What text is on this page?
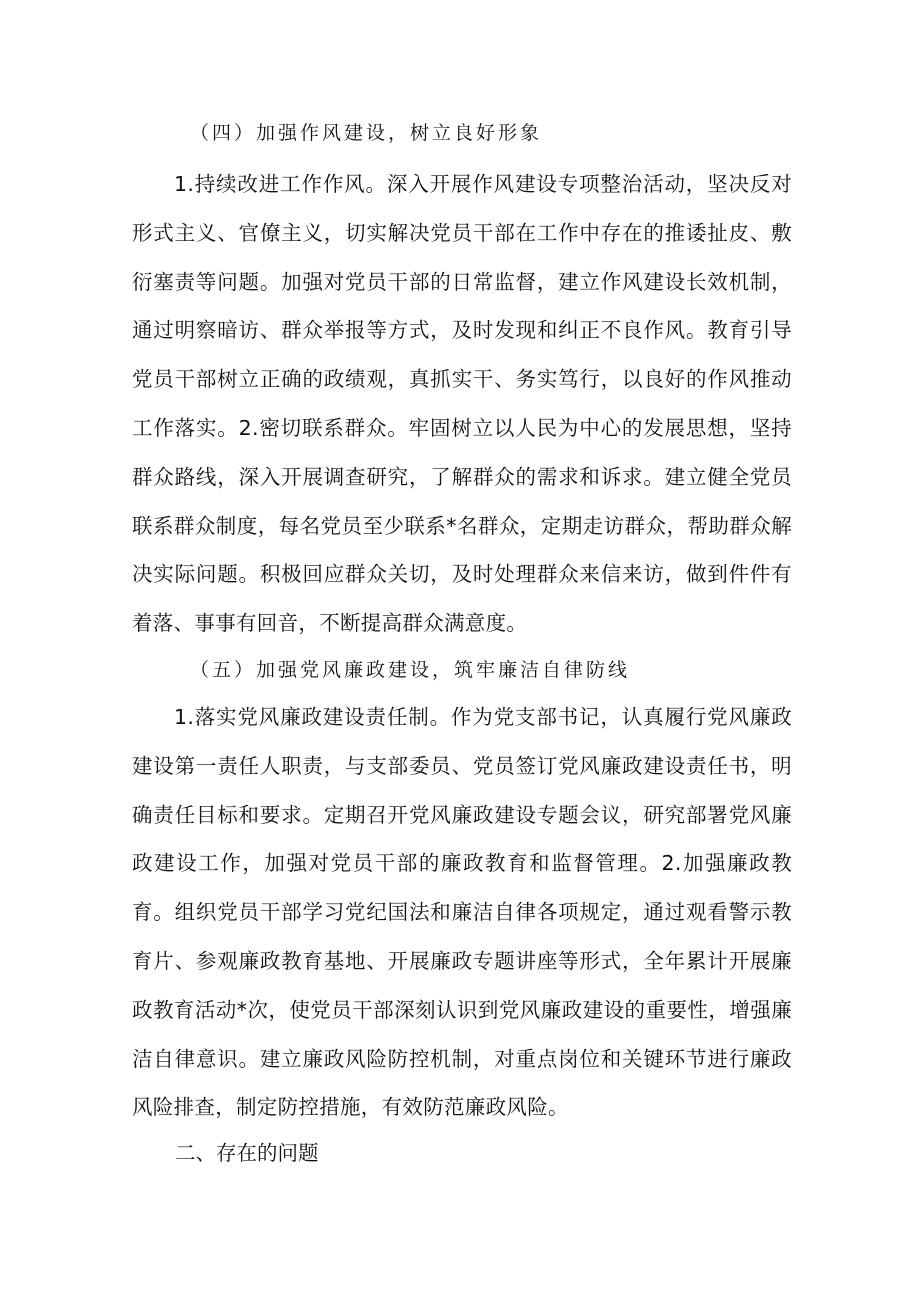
（四）加强作风建设，树立良好形象

1.持续改进工作作风。深入开展作风建设专项整治活动，坚决反对形式主义、官僚主义，切实解决党员干部在工作中存在的推诿扯皮、敷衍塞责等问题。加强对党员干部的日常监督，建立作风建设长效机制，通过明察暗访、群众举报等方式，及时发现和纠正不良作风。教育引导党员干部树立正确的政绩观，真抓实干、务实笃行，以良好的作风推动工作落实。2.密切联系群众。牢固树立以人民为中心的发展思想，坚持群众路线，深入开展调查研究，了解群众的需求和诉求。建立健全党员联系群众制度，每名党员至少联系*名群众，定期走访群众，帮助群众解决实际问题。积极回应群众关切，及时处理群众来信来访，做到件件有着落、事事有回音，不断提高群众满意度。

（五）加强党风廉政建设，筑牢廉洁自律防线

1.落实党风廉政建设责任制。作为党支部书记，认真履行党风廉政建设第一责任人职责，与支部委员、党员签订党风廉政建设责任书，明确责任目标和要求。定期召开党风廉政建设专题会议，研究部署党风廉政建设工作，加强对党员干部的廉政教育和监督管理。2.加强廉政教育。组织党员干部学习党纪国法和廉洁自律各项规定，通过观看警示教育片、参观廉政教育基地、开展廉政专题讲座等形式，全年累计开展廉政教育活动*次，使党员干部深刻认识到党风廉政建设的重要性，增强廉洁自律意识。建立廉政风险防控机制，对重点岗位和关键环节进行廉政风险排查，制定防控措施，有效防范廉政风险。

二、存在的问题
